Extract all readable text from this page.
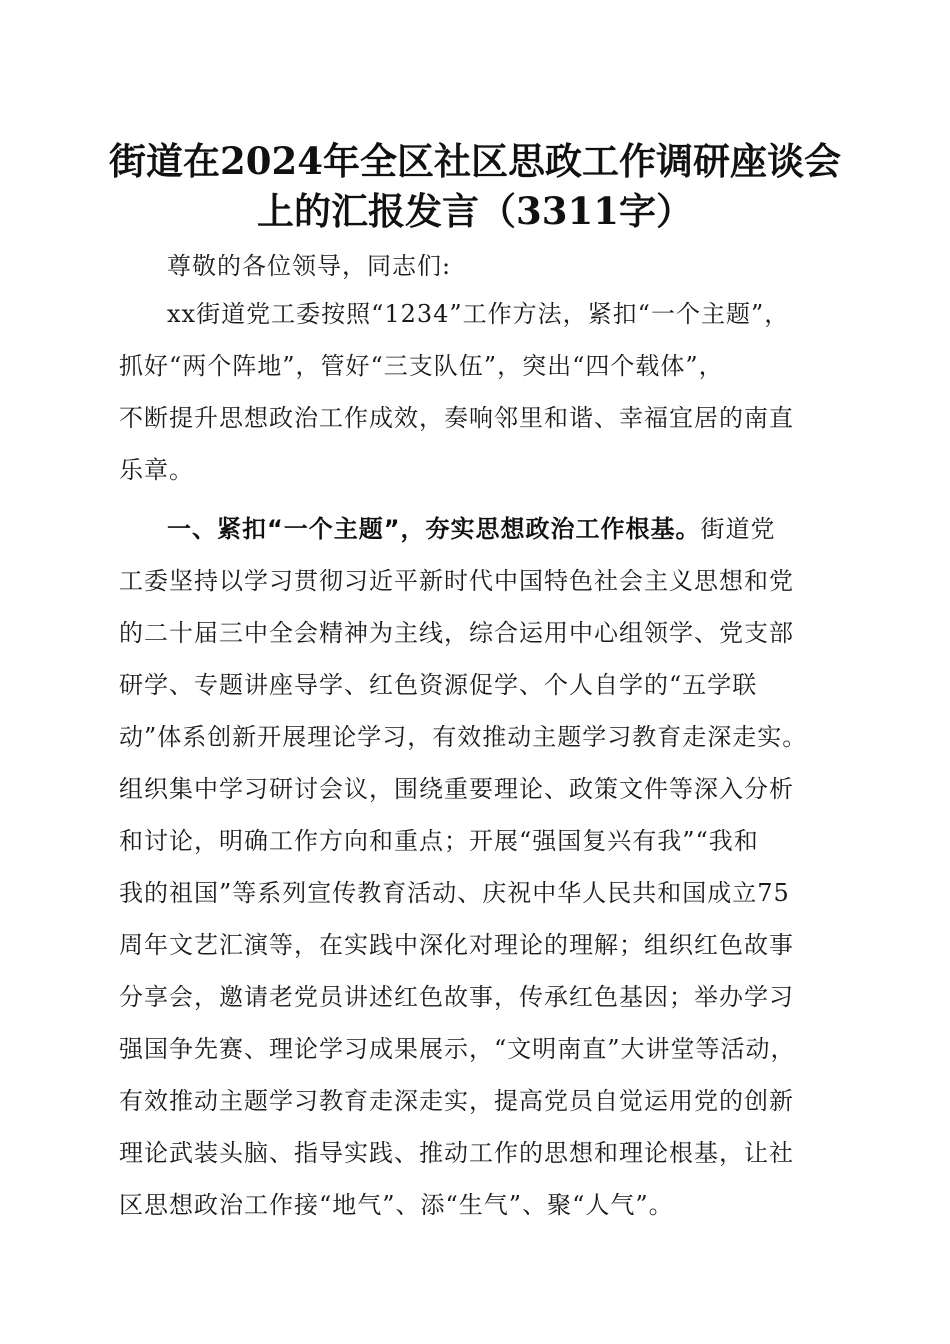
街道在2024年全区社区思政工作调研座谈会
上的汇报发言（3311字）
尊敬的各位领导，同志们:
xx街道党工委按照“1234”工作方法，紧扣“一个主题”，
抓好“两个阵地”，管好“三支队伍”，突出“四个载体”，
不断提升思想政治工作成效，奏响邻里和谐、幸福宜居的南直
乐章。
一、紧扣“一个主题”，夯实思想政治工作根基。街道党
工委坚持以学习贯彻习近平新时代中国特色社会主义思想和党
的二十届三中全会精神为主线，综合运用中心组领学、党支部
研学、专题讲座导学、红色资源促学、个人自学的“五学联
动”体系创新开展理论学习，有效推动主题学习教育走深走实。
组织集中学习研讨会议，围绕重要理论、政策文件等深入分析
和讨论，明确工作方向和重点；开展“强国复兴有我”“我和
我的祖国”等系列宣传教育活动、庆祝中华人民共和国成立75
周年文艺汇演等，在实践中深化对理论的理解；组织红色故事
分享会，邀请老党员讲述红色故事，传承红色基因；举办学习
强国争先赛、理论学习成果展示，“文明南直”大讲堂等活动，
有效推动主题学习教育走深走实，提高党员自觉运用党的创新
理论武装头脑、指导实践、推动工作的思想和理论根基，让社
区思想政治工作接“地气”、添“生气”、聚“人气”。
